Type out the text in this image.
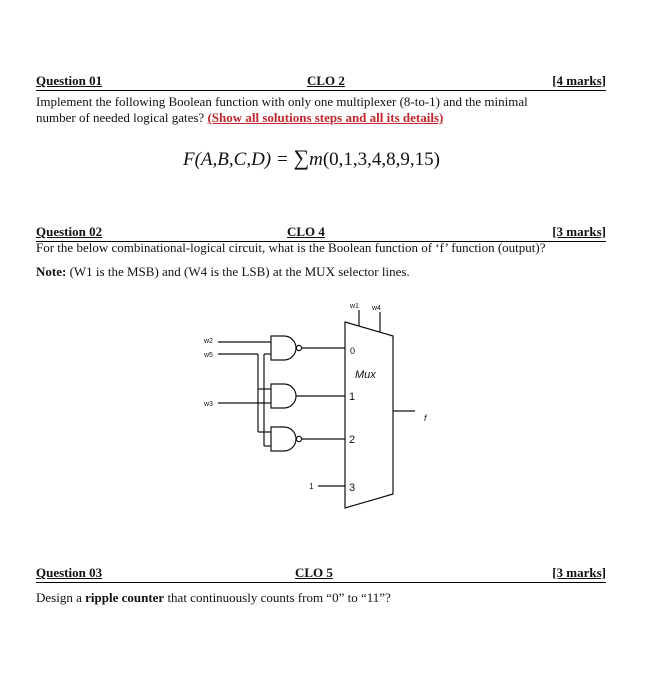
Question 01	CLO 2	[4 marks]
Implement the following Boolean function with only one multiplexer (8-to-1) and the minimal
number of needed logical gates? (Show all solutions steps and all its details)
F(A,B,C,D) = ∑m(0,1,3,4,8,9,15)
Question 02	CLO 4	[3 marks]
For the below combinational-logical circuit, what is the Boolean function of ‘f’ function (output)?
Note: (W1 is the MSB) and (W4 is the LSB) at the MUX selector lines.
w1 w4
w2
w5
w3
Mux
0
1
2
3
1
f
Question 03	CLO 5	[3 marks]
Design a ripple counter that continuously counts from “0” to “11”?
